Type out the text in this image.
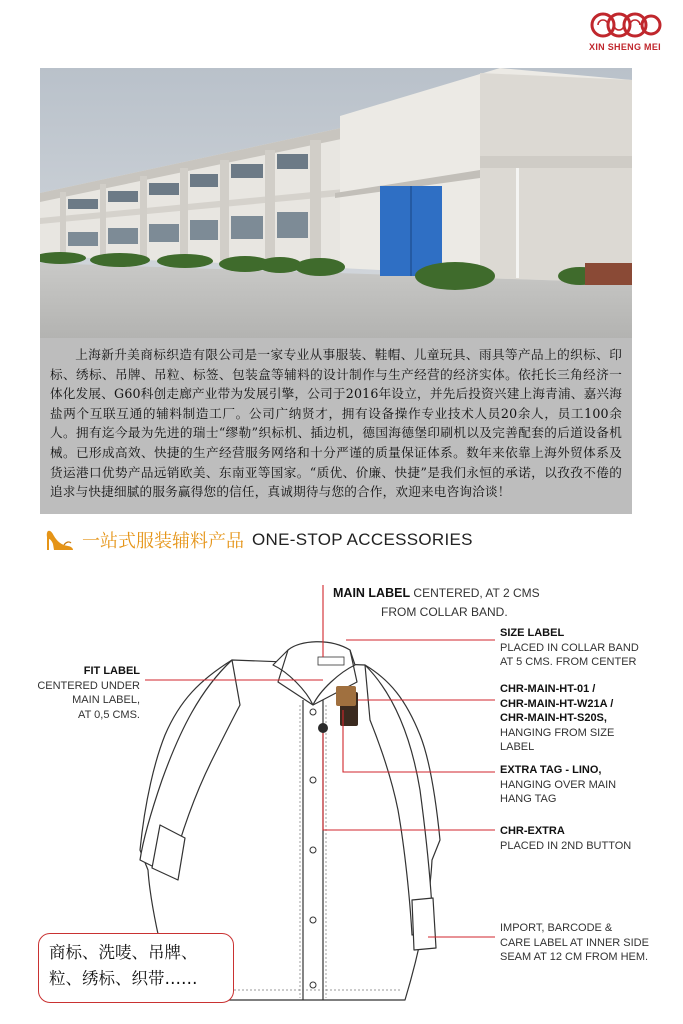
XIN SHENG MEI

上海新升美商标织造有限公司是一家专业从事服装、鞋帽、儿童玩具、雨具等产品上的织标、印标、绣标、吊牌、吊粒、标签、包装盒等辅料的设计制作与生产经营的经济实体。依托长三角经济一体化发展、G60科创走廊产业带为发展引擎，公司于2016年设立，并先后投资兴建上海青浦、嘉兴海盐两个互联互通的辅料制造工厂。公司广纳贤才，拥有设备操作专业技术人员20余人，员工100余人。拥有迄今最为先进的瑞士“缪勒”织标机、插边机，德国海德堡印刷机以及完善配套的后道设备机械。已形成高效、快捷的生产经营服务网络和十分严谨的质量保证体系。数年来依靠上海外贸体系及货运港口优势产品远销欧美、东南亚等国家。“质优、价廉、快捷”是我们永恒的承诺，以孜孜不倦的追求与快捷细腻的服务赢得您的信任，真诚期待与您的合作，欢迎来电咨询洽谈！

一站式服装辅料产品 ONE-STOP ACCESSORIES
MAIN LABEL CENTERED, AT 2 CMS
FROM COLLAR BAND.
FIT LABEL
CENTERED UNDER
MAIN LABEL,
AT 0,5 CMS.
SIZE LABEL
PLACED IN COLLAR BAND
AT 5 CMS. FROM CENTER
CHR-MAIN-HT-01 /
CHR-MAIN-HT-W21A /
CHR-MAIN-HT-S20S,
HANGING FROM SIZE
LABEL
EXTRA TAG - LINO,
HANGING OVER MAIN
HANG TAG
CHR-EXTRA
PLACED IN 2ND BUTTON
IMPORT, BARCODE &
CARE LABEL AT INNER SIDE
SEAM AT 12 CM FROM HEM.
商标、洗唛、吊牌、
粒、绣标、织带……
